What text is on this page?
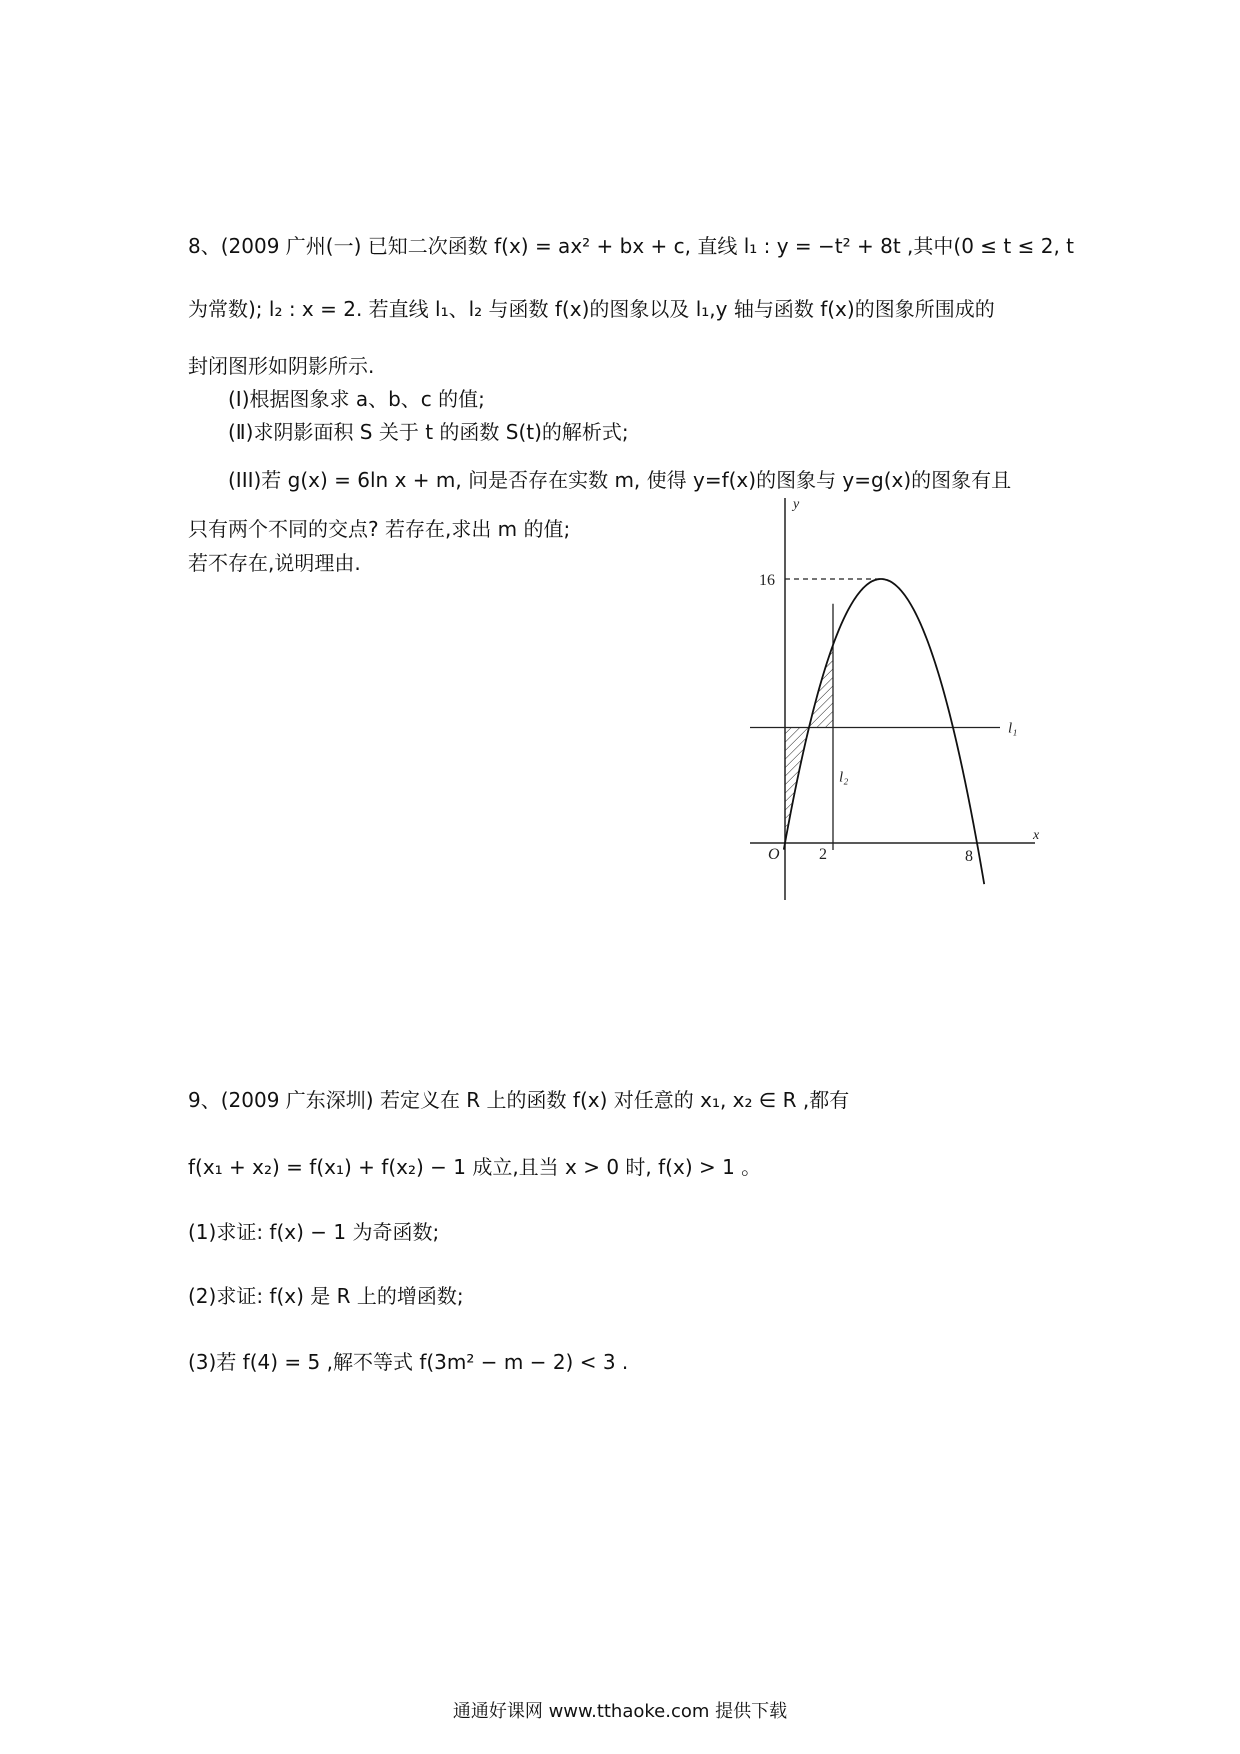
8、(2009 广州(一) 已知二次函数 f(x) = ax² + bx + c, 直线 l₁ : y = −t² + 8t ,其中(0 ≤ t ≤ 2, t
为常数); l₂ : x = 2. 若直线 l₁、l₂ 与函数 f(x)的图象以及 l₁,y 轴与函数 f(x)的图象所围成的
封闭图形如阴影所示.
(Ⅰ)根据图象求 a、b、c 的值;
(Ⅱ)求阴影面积 S 关于 t 的函数 S(t)的解析式;
(III)若 g(x) = 6ln x + m, 问是否存在实数 m, 使得 y=f(x)的图象与 y=g(x)的图象有且
只有两个不同的交点? 若存在,求出 m 的值;
若不存在,说明理由.
y
x
O
16
2	8
l₁
l₂
9、(2009 广东深圳) 若定义在 R 上的函数 f(x) 对任意的 x₁, x₂ ∈ R ,都有
f(x₁ + x₂) = f(x₁) + f(x₂) − 1 成立,且当 x > 0 时, f(x) > 1 。
(1)求证: f(x) − 1 为奇函数;
(2)求证: f(x) 是 R 上的增函数;
(3)若 f(4) = 5 ,解不等式 f(3m² − m − 2) < 3 .
通通好课网 www.tthaoke.com 提供下载
